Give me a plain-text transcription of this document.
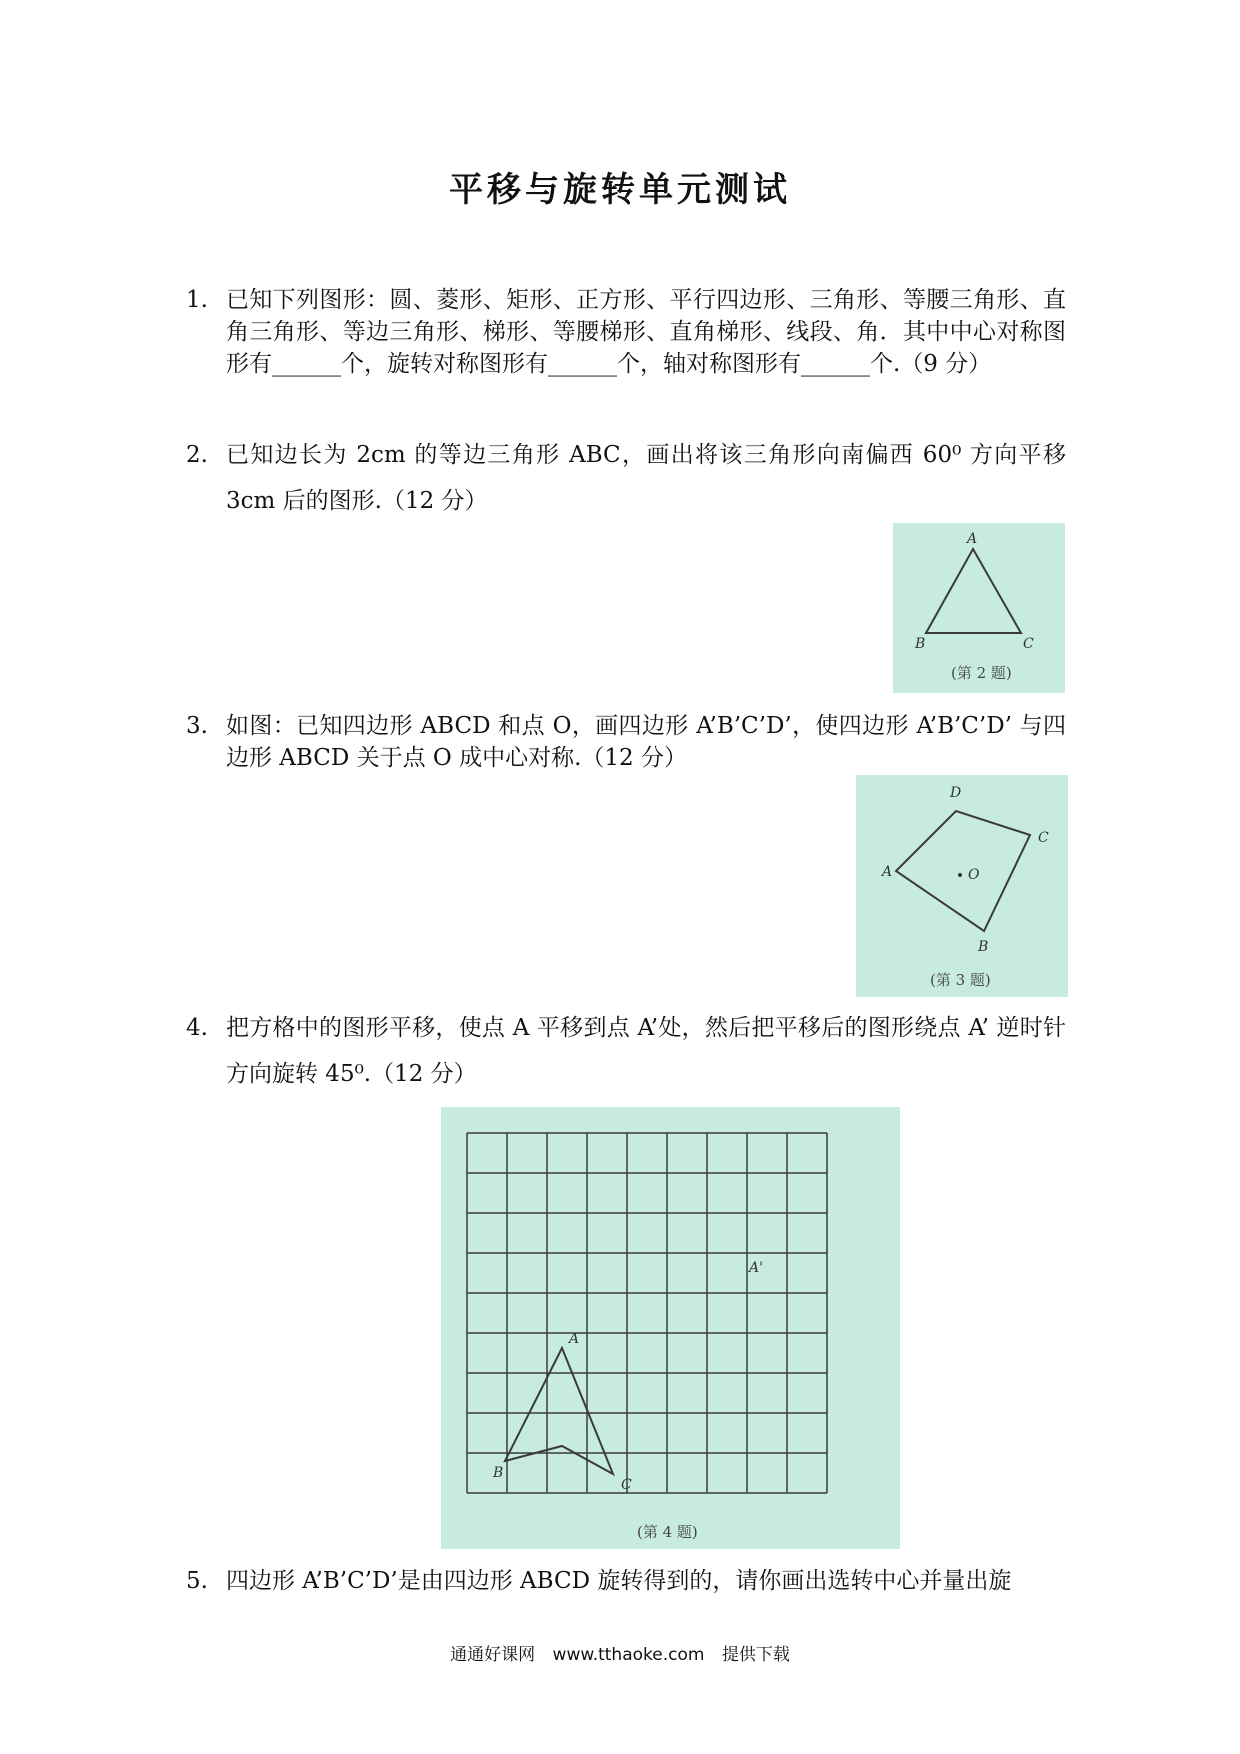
平移与旋转单元测试
1. 已知下列图形：圆、菱形、矩形、正方形、平行四边形、三角形、等腰三角形、直角三角形、等边三角形、梯形、等腰梯形、直角梯形、线段、角．其中中心对称图形有______个，旋转对称图形有______个，轴对称图形有______个.（9 分）
2. 已知边长为 2cm 的等边三角形 ABC，画出将该三角形向南偏西 60⁰ 方向平移 3cm 后的图形.（12 分）
A
B	C
(第 2 题)
3. 如图：已知四边形 ABCD 和点 O，画四边形 A’B’C’D’，使四边形 A’B’C’D’ 与四边形 ABCD 关于点 O 成中心对称.（12 分）
O
A
D
C
B
(第 3 题)
4. 把方格中的图形平移，使点 A 平移到点 A’处，然后把平移后的图形绕点 A’ 逆时针方向旋转 45⁰.（12 分）
A
B
C
A'
(第 4 题)
5. 四边形 A’B’C’D’是由四边形 ABCD 旋转得到的，请你画出选转中心并量出旋
通通好课网 www.tthaoke.com 提供下载
